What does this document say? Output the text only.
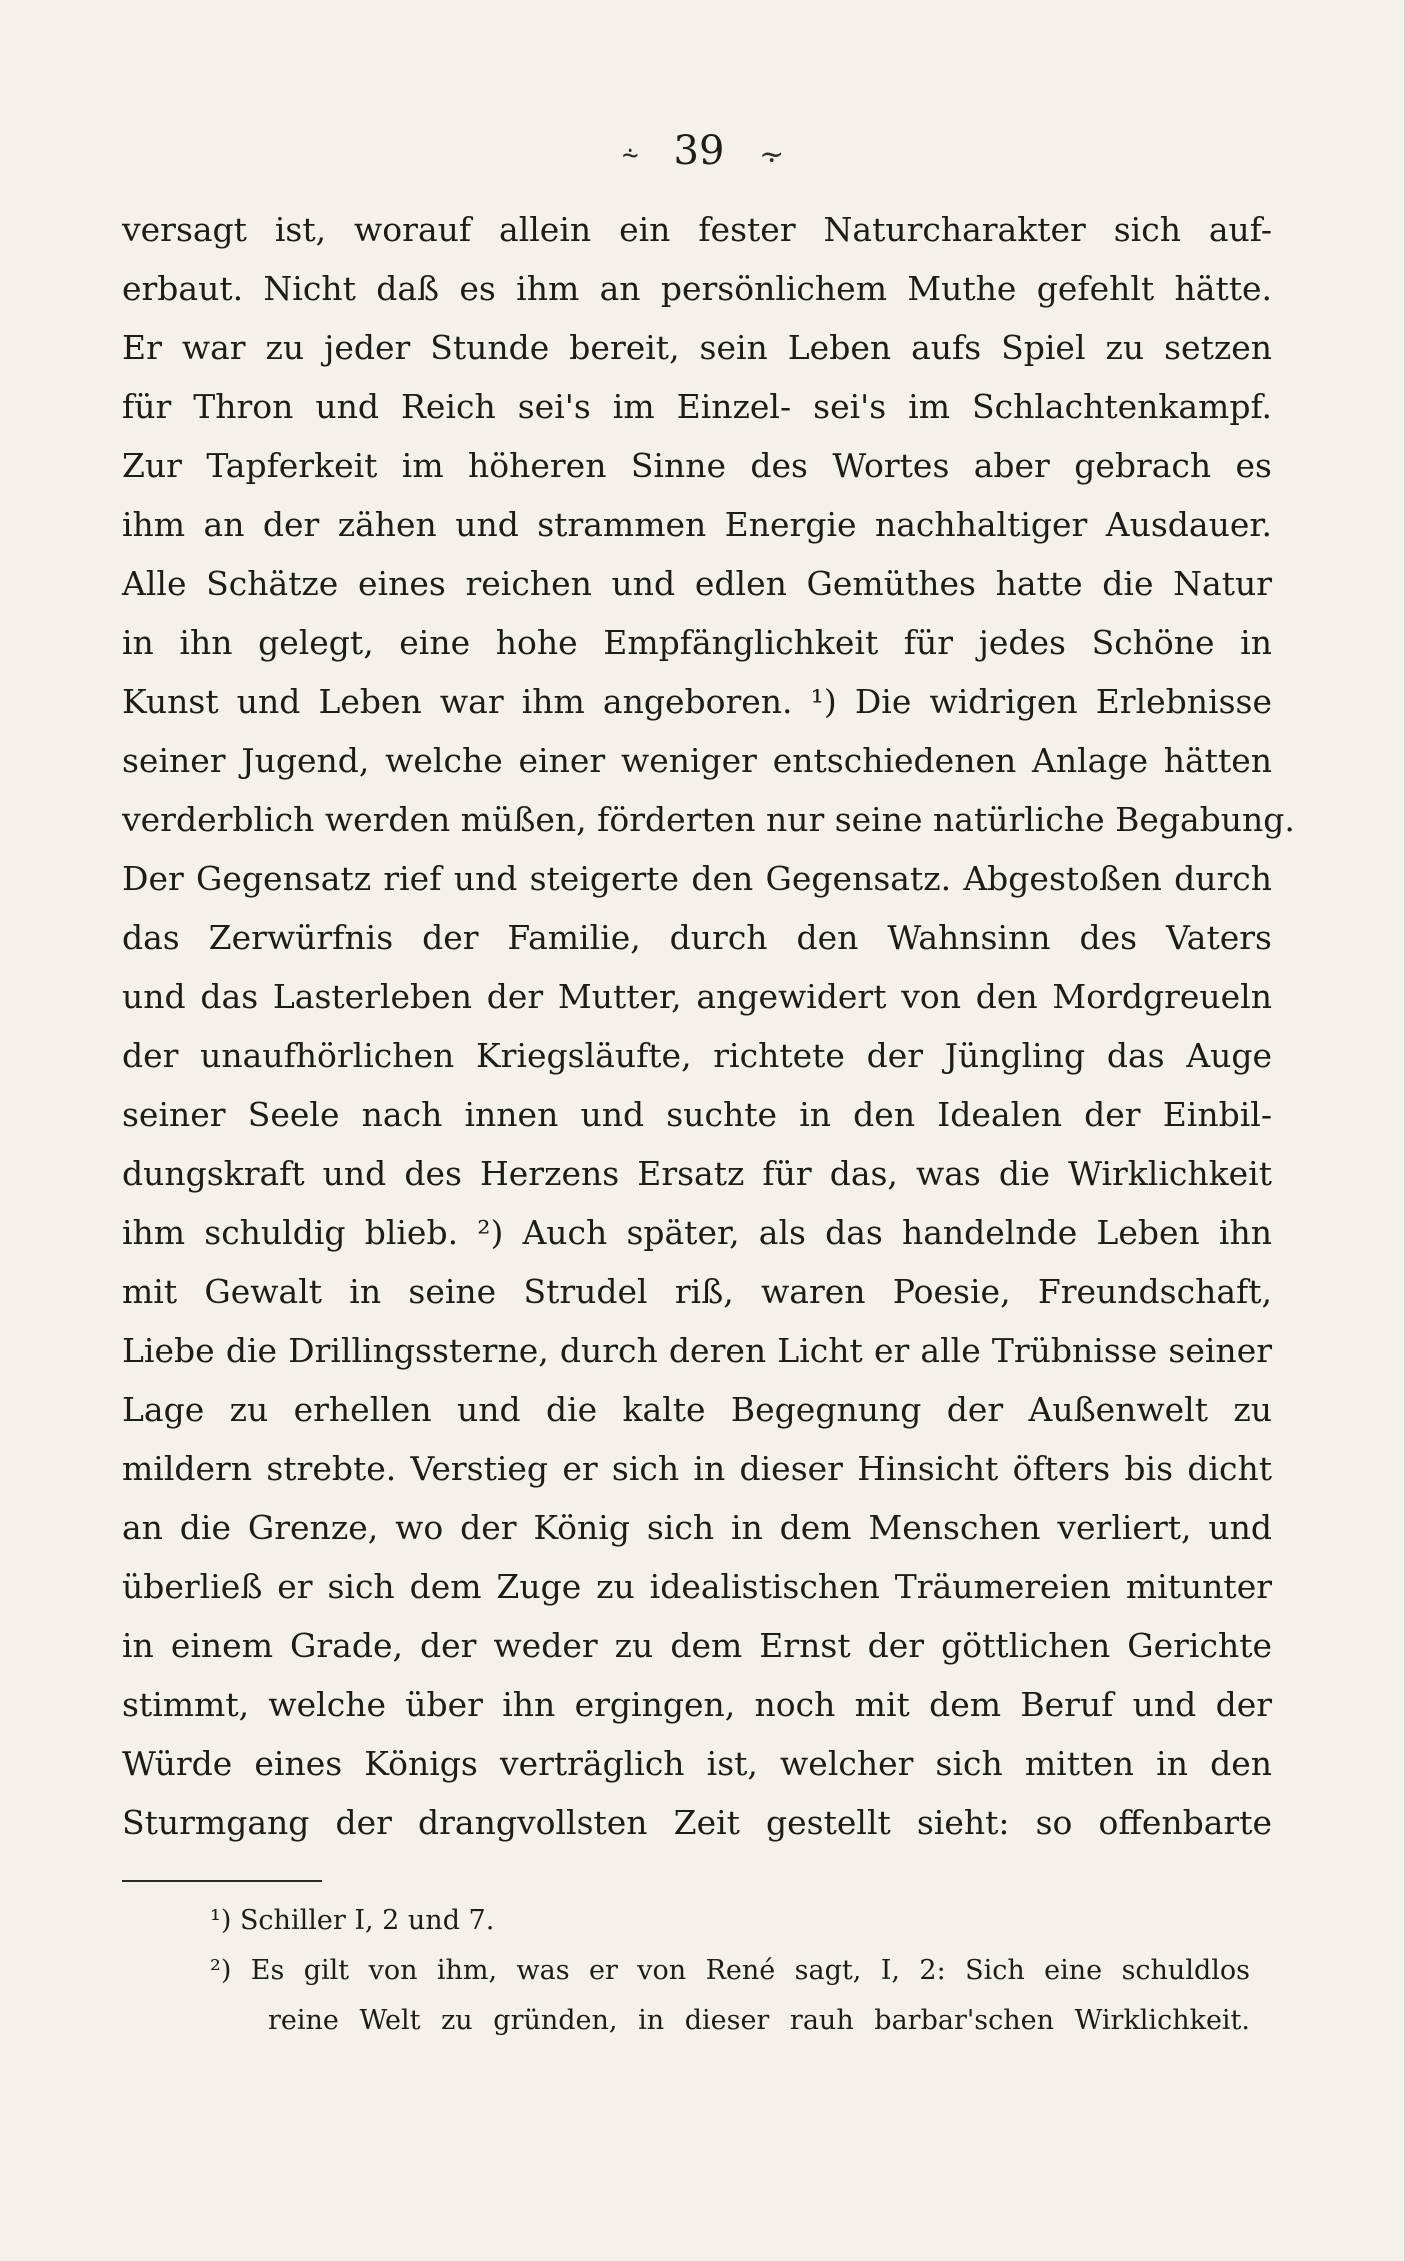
⸞ 39 ⸟
versagt ist, worauf allein ein fester Naturcharakter sich auf-
erbaut. Nicht daß es ihm an persönlichem Muthe gefehlt hätte.
Er war zu jeder Stunde bereit, sein Leben aufs Spiel zu setzen
für Thron und Reich sei's im Einzel- sei's im Schlachtenkampf.
Zur Tapferkeit im höheren Sinne des Wortes aber gebrach es
ihm an der zähen und strammen Energie nachhaltiger Ausdauer.
Alle Schätze eines reichen und edlen Gemüthes hatte die Natur
in ihn gelegt, eine hohe Empfänglichkeit für jedes Schöne in
Kunst und Leben war ihm angeboren. ¹) Die widrigen Erlebnisse
seiner Jugend, welche einer weniger entschiedenen Anlage hätten
verderblich werden müßen, förderten nur seine natürliche Begabung.
Der Gegensatz rief und steigerte den Gegensatz. Abgestoßen durch
das Zerwürfnis der Familie, durch den Wahnsinn des Vaters
und das Lasterleben der Mutter, angewidert von den Mordgreueln
der unaufhörlichen Kriegsläufte, richtete der Jüngling das Auge
seiner Seele nach innen und suchte in den Idealen der Einbil-
dungskraft und des Herzens Ersatz für das, was die Wirklichkeit
ihm schuldig blieb. ²) Auch später, als das handelnde Leben ihn
mit Gewalt in seine Strudel riß, waren Poesie, Freundschaft,
Liebe die Drillingssterne, durch deren Licht er alle Trübnisse seiner
Lage zu erhellen und die kalte Begegnung der Außenwelt zu
mildern strebte. Verstieg er sich in dieser Hinsicht öfters bis dicht
an die Grenze, wo der König sich in dem Menschen verliert, und
überließ er sich dem Zuge zu idealistischen Träumereien mitunter
in einem Grade, der weder zu dem Ernst der göttlichen Gerichte
stimmt, welche über ihn ergingen, noch mit dem Beruf und der
Würde eines Königs verträglich ist, welcher sich mitten in den
Sturmgang der drangvollsten Zeit gestellt sieht: so offenbarte
¹) Schiller I, 2 und 7.
²) Es gilt von ihm, was er von René sagt, I, 2: Sich eine schuldlos
reine Welt zu gründen, in dieser rauh barbar'schen Wirklichkeit.
